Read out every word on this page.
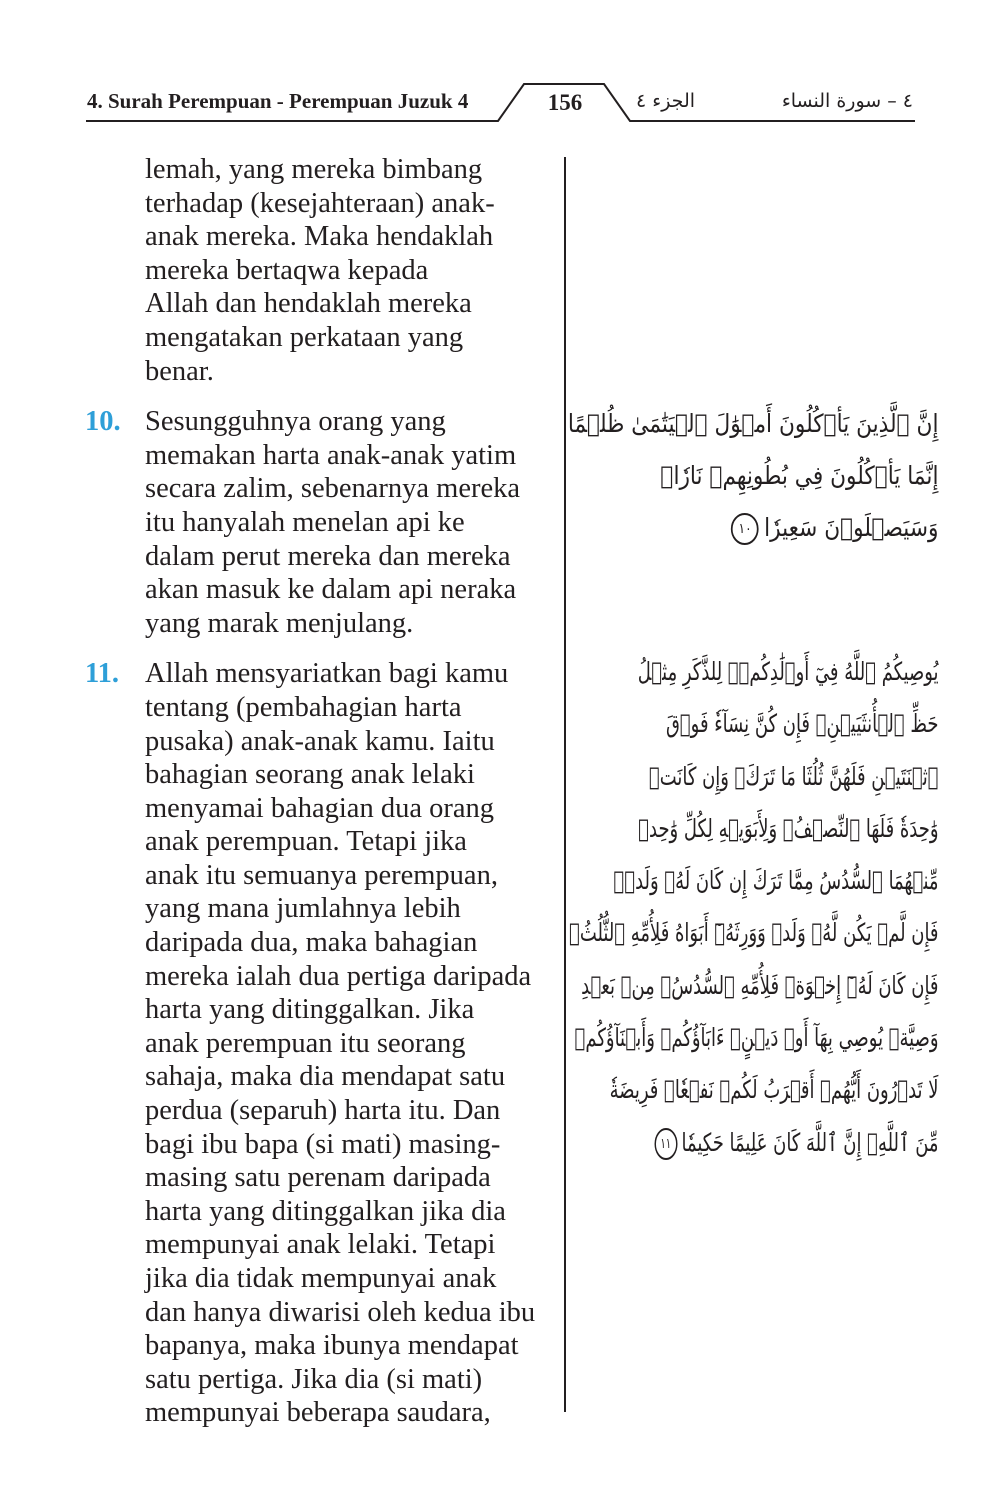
4. Surah Perempuan - Perempuan Juzuk 4	156	الجزء ٤	٤ – سورة النساء
lemah, yang mereka bimbang
terhadap (kesejahteraan) anak-
anak mereka. Maka hendaklah
mereka bertaqwa kepada
Allah dan hendaklah mereka
mengatakan perkataan yang
benar.
10. Sesungguhnya orang yang
memakan harta anak-anak yatim
secara zalim, sebenarnya mereka
itu hanyalah menelan api ke
dalam perut mereka dan mereka
akan masuk ke dalam api neraka
yang marak menjulang.
11. Allah mensyariatkan bagi kamu
tentang (pembahagian harta
pusaka) anak-anak kamu. Iaitu
bahagian seorang anak lelaki
menyamai bahagian dua orang
anak perempuan. Tetapi jika
anak itu semuanya perempuan,
yang mana jumlahnya lebih
daripada dua, maka bahagian
mereka ialah dua pertiga daripada
harta yang ditinggalkan. Jika
anak perempuan itu seorang
sahaja, maka dia mendapat satu
perdua (separuh) harta itu. Dan
bagi ibu bapa (si mati) masing-
masing satu perenam daripada
harta yang ditinggalkan jika dia
mempunyai anak lelaki. Tetapi
jika dia tidak mempunyai anak
dan hanya diwarisi oleh kedua ibu
bapanya, maka ibunya mendapat
satu pertiga. Jika dia (si mati)
mempunyai beberapa saudara,
إِنَّ ٱلَّذِينَ يَأۡكُلُونَ أَمۡوَٰلَ ٱلۡيَتَٰمَىٰ ظُلۡمًا
إِنَّمَا يَأۡكُلُونَ فِي بُطُونِهِمۡ نَارٗاۖ
وَسَيَصۡلَوۡنَ سَعِيرٗا١٠
يُوصِيكُمُ ٱللَّهُ فِيٓ أَوۡلَٰدِكُمۡۖ لِلذَّكَرِ مِثۡلُ
حَظِّ ٱلۡأُنثَيَيۡنِۚ فَإِن كُنَّ نِسَآءٗ فَوۡقَ
ٱثۡنَتَيۡنِ فَلَهُنَّ ثُلُثَا مَا تَرَكَۖ وَإِن كَانَتۡ
وَٰحِدَةٗ فَلَهَا ٱلنِّصۡفُۚ وَلِأَبَوَيۡهِ لِكُلِّ وَٰحِدٖ
مِّنۡهُمَا ٱلسُّدُسُ مِمَّا تَرَكَ إِن كَانَ لَهُۥ وَلَدٞۚ
فَإِن لَّمۡ يَكُن لَّهُۥ وَلَدٞ وَوَرِثَهُۥٓ أَبَوَاهُ فَلِأُمِّهِ ٱلثُّلُثُۚ
فَإِن كَانَ لَهُۥٓ إِخۡوَةٞ فَلِأُمِّهِ ٱلسُّدُسُۚ مِنۢ بَعۡدِ
وَصِيَّةٖ يُوصِي بِهَآ أَوۡ دَيۡنٍۗ ءَابَآؤُكُمۡ وَأَبۡنَآؤُكُمۡ
لَا تَدۡرُونَ أَيُّهُمۡ أَقۡرَبُ لَكُمۡ نَفۡعٗاۚ فَرِيضَةٗ
مِّنَ ٱللَّهِۗ إِنَّ ٱللَّهَ كَانَ عَلِيمًا حَكِيمٗا١١
